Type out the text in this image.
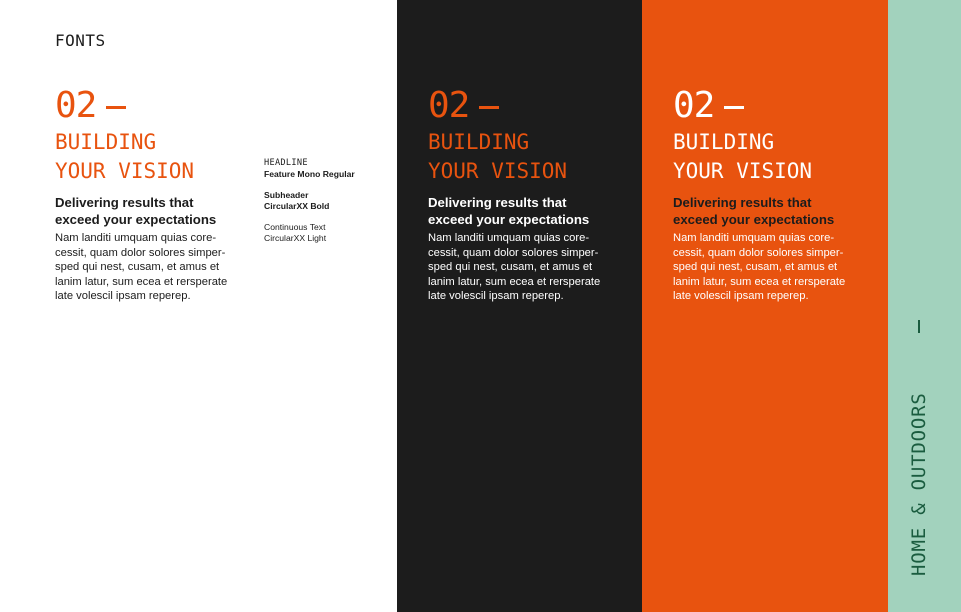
FONTS
02
BUILDING
YOUR VISION
Delivering results that
exceed your expectations
Nam landiti umquam quias core-
cessit, quam dolor solores simper-
sped qui nest, cusam, et amus et
lanim latur, sum ecea et rersperate
late volescil ipsam reperep.
HEADLINE
Feature Mono Regular
Subheader
CircularXX Bold
Continuous Text
CircularXX Light
02
BUILDING
YOUR VISION
Delivering results that
exceed your expectations
Nam landiti umquam quias core-
cessit, quam dolor solores simper-
sped qui nest, cusam, et amus et
lanim latur, sum ecea et rersperate
late volescil ipsam reperep.
02
BUILDING
YOUR VISION
Delivering results that
exceed your expectations
Nam landiti umquam quias core-
cessit, quam dolor solores simper-
sped qui nest, cusam, et amus et
lanim latur, sum ecea et rersperate
late volescil ipsam reperep.
HOME & OUTDOORS
